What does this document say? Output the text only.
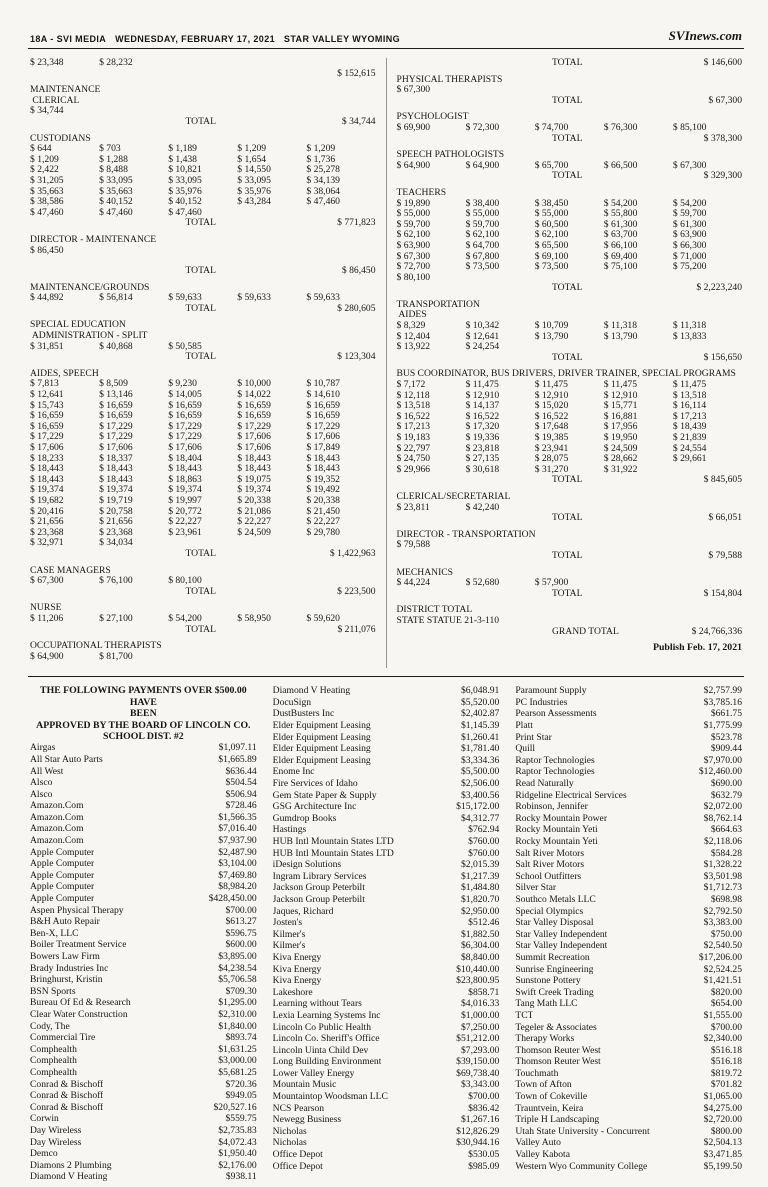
18A - SVI MEDIA WEDNESDAY, FEBRUARY 17, 2021 STAR VALLEY WYOMING	SVInews.com
$ 23,348	$ 28,232
$ 152,615
MAINTENANCE
CLERICAL
$ 34,744
TOTAL	$ 34,744
CUSTODIANS
$ 644	$ 703	$ 1,189	$ 1,209	$ 1,209
$ 1,209	$ 1,288	$ 1,438	$ 1,654	$ 1,736
$ 2,422	$ 8,488	$ 10,821	$ 14,550	$ 25,278
$ 31,205	$ 33,095	$ 33,095	$ 33,095	$ 34,139
$ 35,663	$ 35,663	$ 35,976	$ 35,976	$ 38,064
$ 38,586	$ 40,152	$ 40,152	$ 43,284	$ 47,460
$ 47,460	$ 47,460	$ 47,460
TOTAL	$ 771,823
DIRECTOR - MAINTENANCE
$ 86,450
TOTAL	$ 86,450
MAINTENANCE/GROUNDS
$ 44,892	$ 56,814	$ 59,633	$ 59,633	$ 59,633
TOTAL	$ 280,605
SPECIAL EDUCATION
ADMINISTRATION - SPLIT
$ 31,851	$ 40,868	$ 50,585
TOTAL	$ 123,304
AIDES, SPEECH
$ 7,813	$ 8,509	$ 9,230	$ 10,000	$ 10,787
$ 12,641	$ 13,146	$ 14,005	$ 14,022	$ 14,610
$ 15,743	$ 16,659	$ 16,659	$ 16,659	$ 16,659
$ 16,659	$ 16,659	$ 16,659	$ 16,659	$ 16,659
$ 16,659	$ 17,229	$ 17,229	$ 17,229	$ 17,229
$ 17,229	$ 17,229	$ 17,229	$ 17,606	$ 17,606
$ 17,606	$ 17,606	$ 17,606	$ 17,606	$ 17,849
$ 18,233	$ 18,337	$ 18,404	$ 18,443	$ 18,443
$ 18,443	$ 18,443	$ 18,443	$ 18,443	$ 18,443
$ 18,443	$ 18,443	$ 18,863	$ 19,075	$ 19,352
$ 19,374	$ 19,374	$ 19,374	$ 19,374	$ 19,492
$ 19,682	$ 19,719	$ 19,997	$ 20,338	$ 20,338
$ 20,416	$ 20,758	$ 20,772	$ 21,086	$ 21,450
$ 21,656	$ 21,656	$ 22,227	$ 22,227	$ 22,227
$ 23,368	$ 23,368	$ 23,961	$ 24,509	$ 29,780
$ 32,971	$ 34,034
TOTAL	$ 1,422,963
CASE MANAGERS
$ 67,300	$ 76,100	$ 80,100
TOTAL	$ 223,500
NURSE
$ 11,206	$ 27,100	$ 54,200	$ 58,950	$ 59,620
TOTAL	$ 211,076
OCCUPATIONAL THERAPISTS
$ 64,900	$ 81,700
TOTAL	$ 146,600
PHYSICAL THERAPISTS
$ 67,300
TOTAL	$ 67,300
PSYCHOLOGIST
$ 69,900	$ 72,300	$ 74,700	$ 76,300	$ 85,100
TOTAL	$ 378,300
SPEECH PATHOLOGISTS
$ 64,900	$ 64,900	$ 65,700	$ 66,500	$ 67,300
TOTAL	$ 329,300
TEACHERS
$ 19,890	$ 38,400	$ 38,450	$ 54,200	$ 54,200
$ 55,000	$ 55,000	$ 55,000	$ 55,800	$ 59,700
$ 59,700	$ 59,700	$ 60,500	$ 61,300	$ 61,300
$ 62,100	$ 62,100	$ 62,100	$ 63,700	$ 63,900
$ 63,900	$ 64,700	$ 65,500	$ 66,100	$ 66,300
$ 67,300	$ 67,800	$ 69,100	$ 69,400	$ 71,000
$ 72,700	$ 73,500	$ 73,500	$ 75,100	$ 75,200
$ 80,100
TOTAL	$ 2,223,240
TRANSPORTATION
AIDES
$ 8,329	$ 10,342	$ 10,709	$ 11,318	$ 11,318
$ 12,404	$ 12,641	$ 13,790	$ 13,790	$ 13,833
$ 13,922	$ 24,254
TOTAL	$ 156,650
BUS COORDINATOR, BUS DRIVERS, DRIVER TRAINER, SPECIAL PROGRAMS
$ 7,172	$ 11,475	$ 11,475	$ 11,475	$ 11,475
$ 12,118	$ 12,910	$ 12,910	$ 12,910	$ 13,518
$ 13,518	$ 14,137	$ 15,020	$ 15,771	$ 16,114
$ 16,522	$ 16,522	$ 16,522	$ 16,881	$ 17,213
$ 17,213	$ 17,320	$ 17,648	$ 17,956	$ 18,439
$ 19,183	$ 19,336	$ 19,385	$ 19,950	$ 21,839
$ 22,797	$ 23,818	$ 23,941	$ 24,509	$ 24,554
$ 24,750	$ 27,135	$ 28,075	$ 28,662	$ 29,661
$ 29,966	$ 30,618	$ 31,270	$ 31,922
TOTAL	$ 845,605
CLERICAL/SECRETARIAL
$ 23,811	$ 42,240
TOTAL	$ 66,051
DIRECTOR - TRANSPORTATION
$ 79,588
TOTAL	$ 79,588
MECHANICS
$ 44,224	$ 52,680	$ 57,900
TOTAL	$ 154,804
DISTRICT TOTAL
STATE STATUE 21-3-110
GRAND TOTAL	$ 24,766,336
Publish Feb. 17, 2021
THE FOLLOWING PAYMENTS OVER $500.00 HAVE
BEEN
APPROVED BY THE BOARD OF LINCOLN CO.
SCHOOL DIST. #2
Airgas	$1,097.11
All Star Auto Parts	$1,665.89
All West	$636.44
Alsco	$504.54
Alsco	$506.94
Amazon.Com	$728.46
Amazon.Com	$1,566.35
Amazon.Com	$7,016.40
Amazon.Com	$7,937.90
Apple Computer	$2,487.90
Apple Computer	$3,104.00
Apple Computer	$7,469.80
Apple Computer	$8,984.20
Apple Computer	$428,450.00
Aspen Physical Therapy	$700.00
B&H Auto Repair	$613.27
Ben-X, LLC	$596.75
Boiler Treatment Service	$600.00
Bowers Law Firm	$3,895.00
Brady Industries Inc	$4,238.54
Bringhurst, Kristin	$5,706.58
BSN Sports	$709.30
Bureau Of Ed & Research	$1,295.00
Clear Water Construction	$2,310.00
Cody, The	$1,840.00
Commercial Tire	$893.74
Comphealth	$1,631.25
Comphealth	$3,000.00
Comphealth	$5,681.25
Conrad & Bischoff	$720.36
Conrad & Bischoff	$949.05
Conrad & Bischoff	$20,527.16
Corwin	$559.75
Day Wireless	$2,735.83
Day Wireless	$4,072.43
Demco	$1,950.40
Diamons 2 Plumbing	$2,176.00
Diamond V Heating	$938.11
Diamond V Heating	$6,048.91
DocuSign	$5,520.00
DustBusters Inc	$2,402.87
Elder Equipment Leasing	$1,145.39
Elder Equipment Leasing	$1,260.41
Elder Equipment Leasing	$1,781.40
Elder Equipment Leasing	$3,334.36
Enome Inc	$5,500.00
Fire Services of Idaho	$2,506.00
Gem State Paper & Supply	$3,400.56
GSG Architecture Inc	$15,172.00
Gumdrop Books	$4,312.77
Hastings	$762.94
HUB Intl Mountain States LTD	$760.00
HUB Intl Mountain States LTD	$760.00
iDesign Solutions	$2,015.39
Ingram Library Services	$1,217.39
Jackson Group Peterbilt	$1,484.80
Jackson Group Peterbilt	$1,820.70
Jaques, Richard	$2,950.00
Josten's	$512.46
Kilmer's	$1,882.50
Kilmer's	$6,304.00
Kiva Energy	$8,840.00
Kiva Energy	$10,440.00
Kiva Energy	$23,800.95
Lakeshore	$858.71
Learning without Tears	$4,016.33
Lexia Learning Systems Inc	$1,000.00
Lincoln Co Public Health	$7,250.00
Lincoln Co. Sheriff's Office	$51,212.00
Lincoln Uinta Child Dev	$7,293.00
Long Building Environment	$39,150.00
Lower Valley Energy	$69,738.40
Mountain Music	$3,343.00
Mountaintop Woodsman LLC	$700.00
NCS Pearson	$836.42
Newegg Business	$1,267.16
Nicholas	$12,826.29
Nicholas	$30,944.16
Office Depot	$530.05
Office Depot	$985.09
Paramount Supply	$2,757.99
PC Industries	$3,785.16
Pearson Assessments	$661.75
Platt	$1,775.99
Print Star	$523.78
Quill	$909.44
Raptor Technologies	$7,970.00
Raptor Technologies	$12,460.00
Read Naturally	$690.00
Ridgeline Electrical Services	$632.79
Robinson, Jennifer	$2,072.00
Rocky Mountain Power	$8,762.14
Rocky Mountain Yeti	$664.63
Rocky Mountain Yeti	$2,118.06
Salt River Motors	$584.28
Salt River Motors	$1,328.22
School Outfitters	$3,501.98
Silver Star	$1,712.73
Southco Metals LLC	$698.98
Special Olympics	$2,792.50
Star Valley Disposal	$3,383.00
Star Valley Independent	$750.00
Star Valley Independent	$2,540.50
Summit Recreation	$17,206.00
Sunrise Engineering	$2,524.25
Sunstone Pottery	$1,421.51
Swift Creek Trading	$820.00
Tang Math LLC	$654.00
TCT	$1,555.00
Tegeler & Associates	$700.00
Therapy Works	$2,340.00
Thomson Reuter West	$516.18
Thomson Reuter West	$516.18
Touchmath	$819.72
Town of Afton	$701.82
Town of Cokeville	$1,065.00
Trauntvein, Keira	$4,275.00
Triple H Landscaping	$2,720.00
Utah State University - Concurrent	$800.00
Valley Auto	$2,504.13
Valley Kabota	$3,471.85
Western Wyo Community College	$5,199.50
